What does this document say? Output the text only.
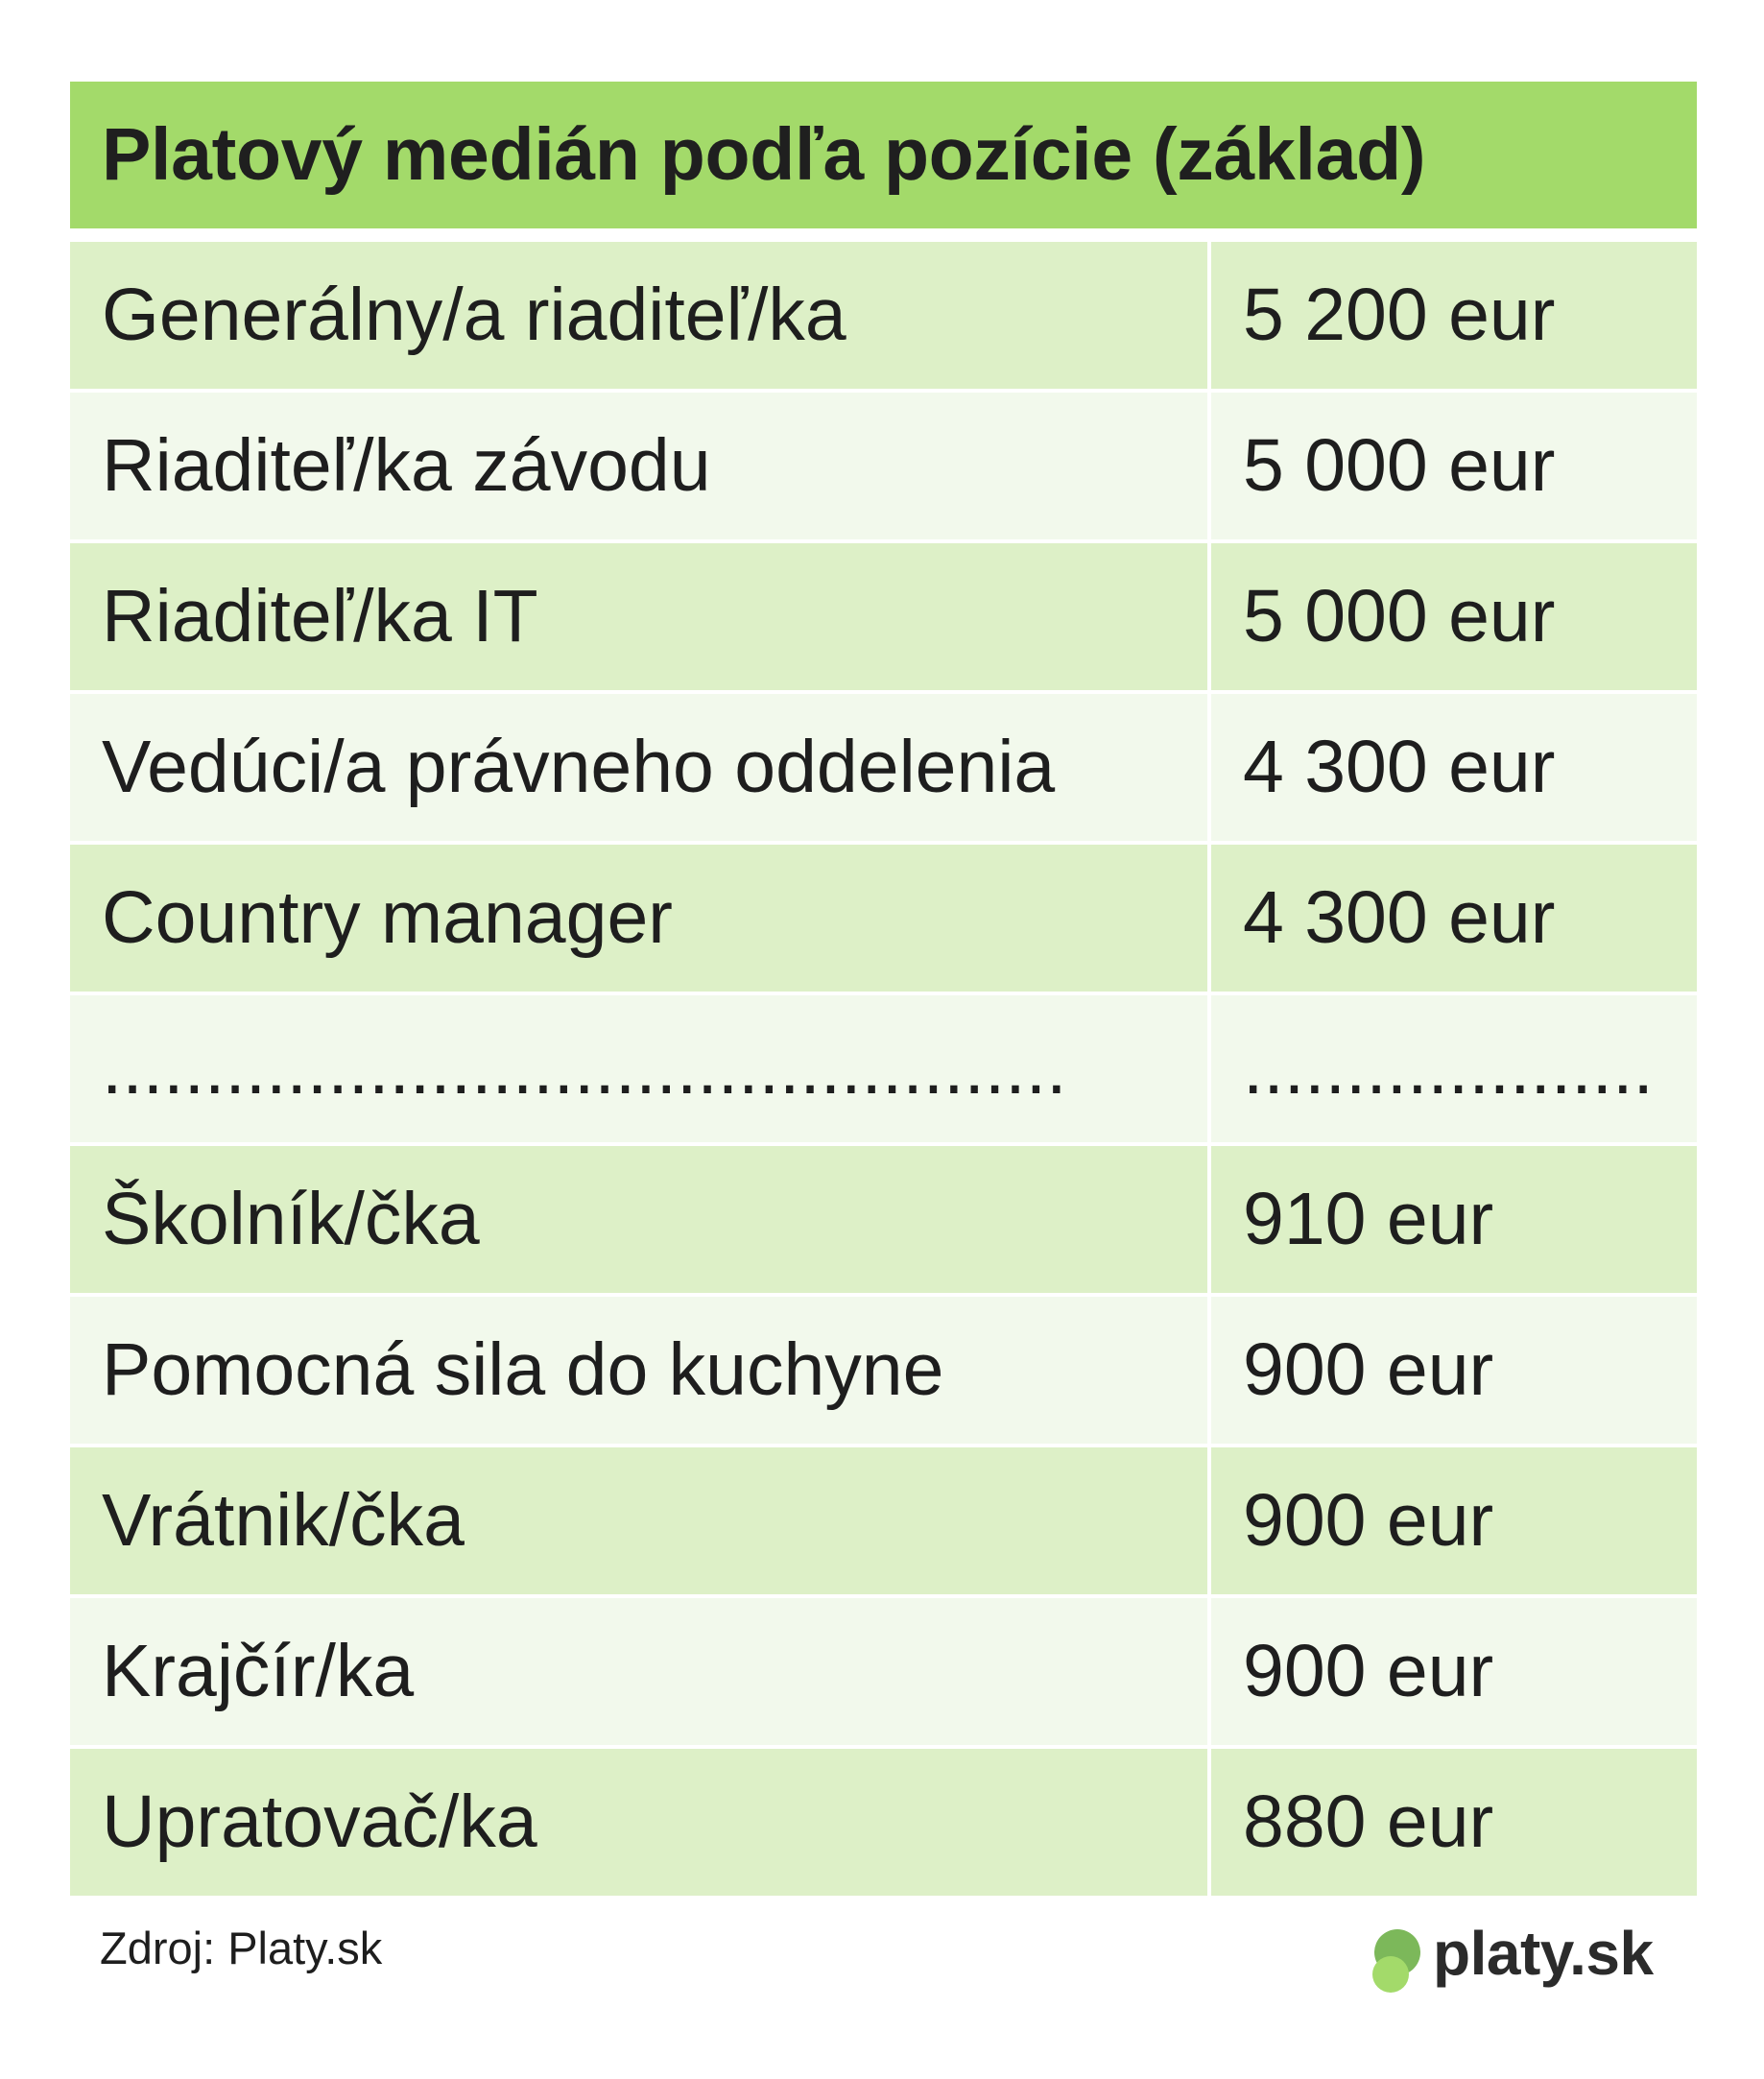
Platový medián podľa pozície (základ)
Generálny/a riaditeľ/ka	5 200 eur
Riaditeľ/ka závodu	5 000 eur
Riaditeľ/ka IT	5 000 eur
Vedúci/a právneho oddelenia	4 300 eur
Country manager	4 300 eur
...............................................	....................
Školník/čka	910 eur
Pomocná sila do kuchyne	900 eur
Vrátnik/čka	900 eur
Krajčír/ka	900 eur
Upratovač/ka	880 eur
Zdroj: Platy.sk	platy.sk
